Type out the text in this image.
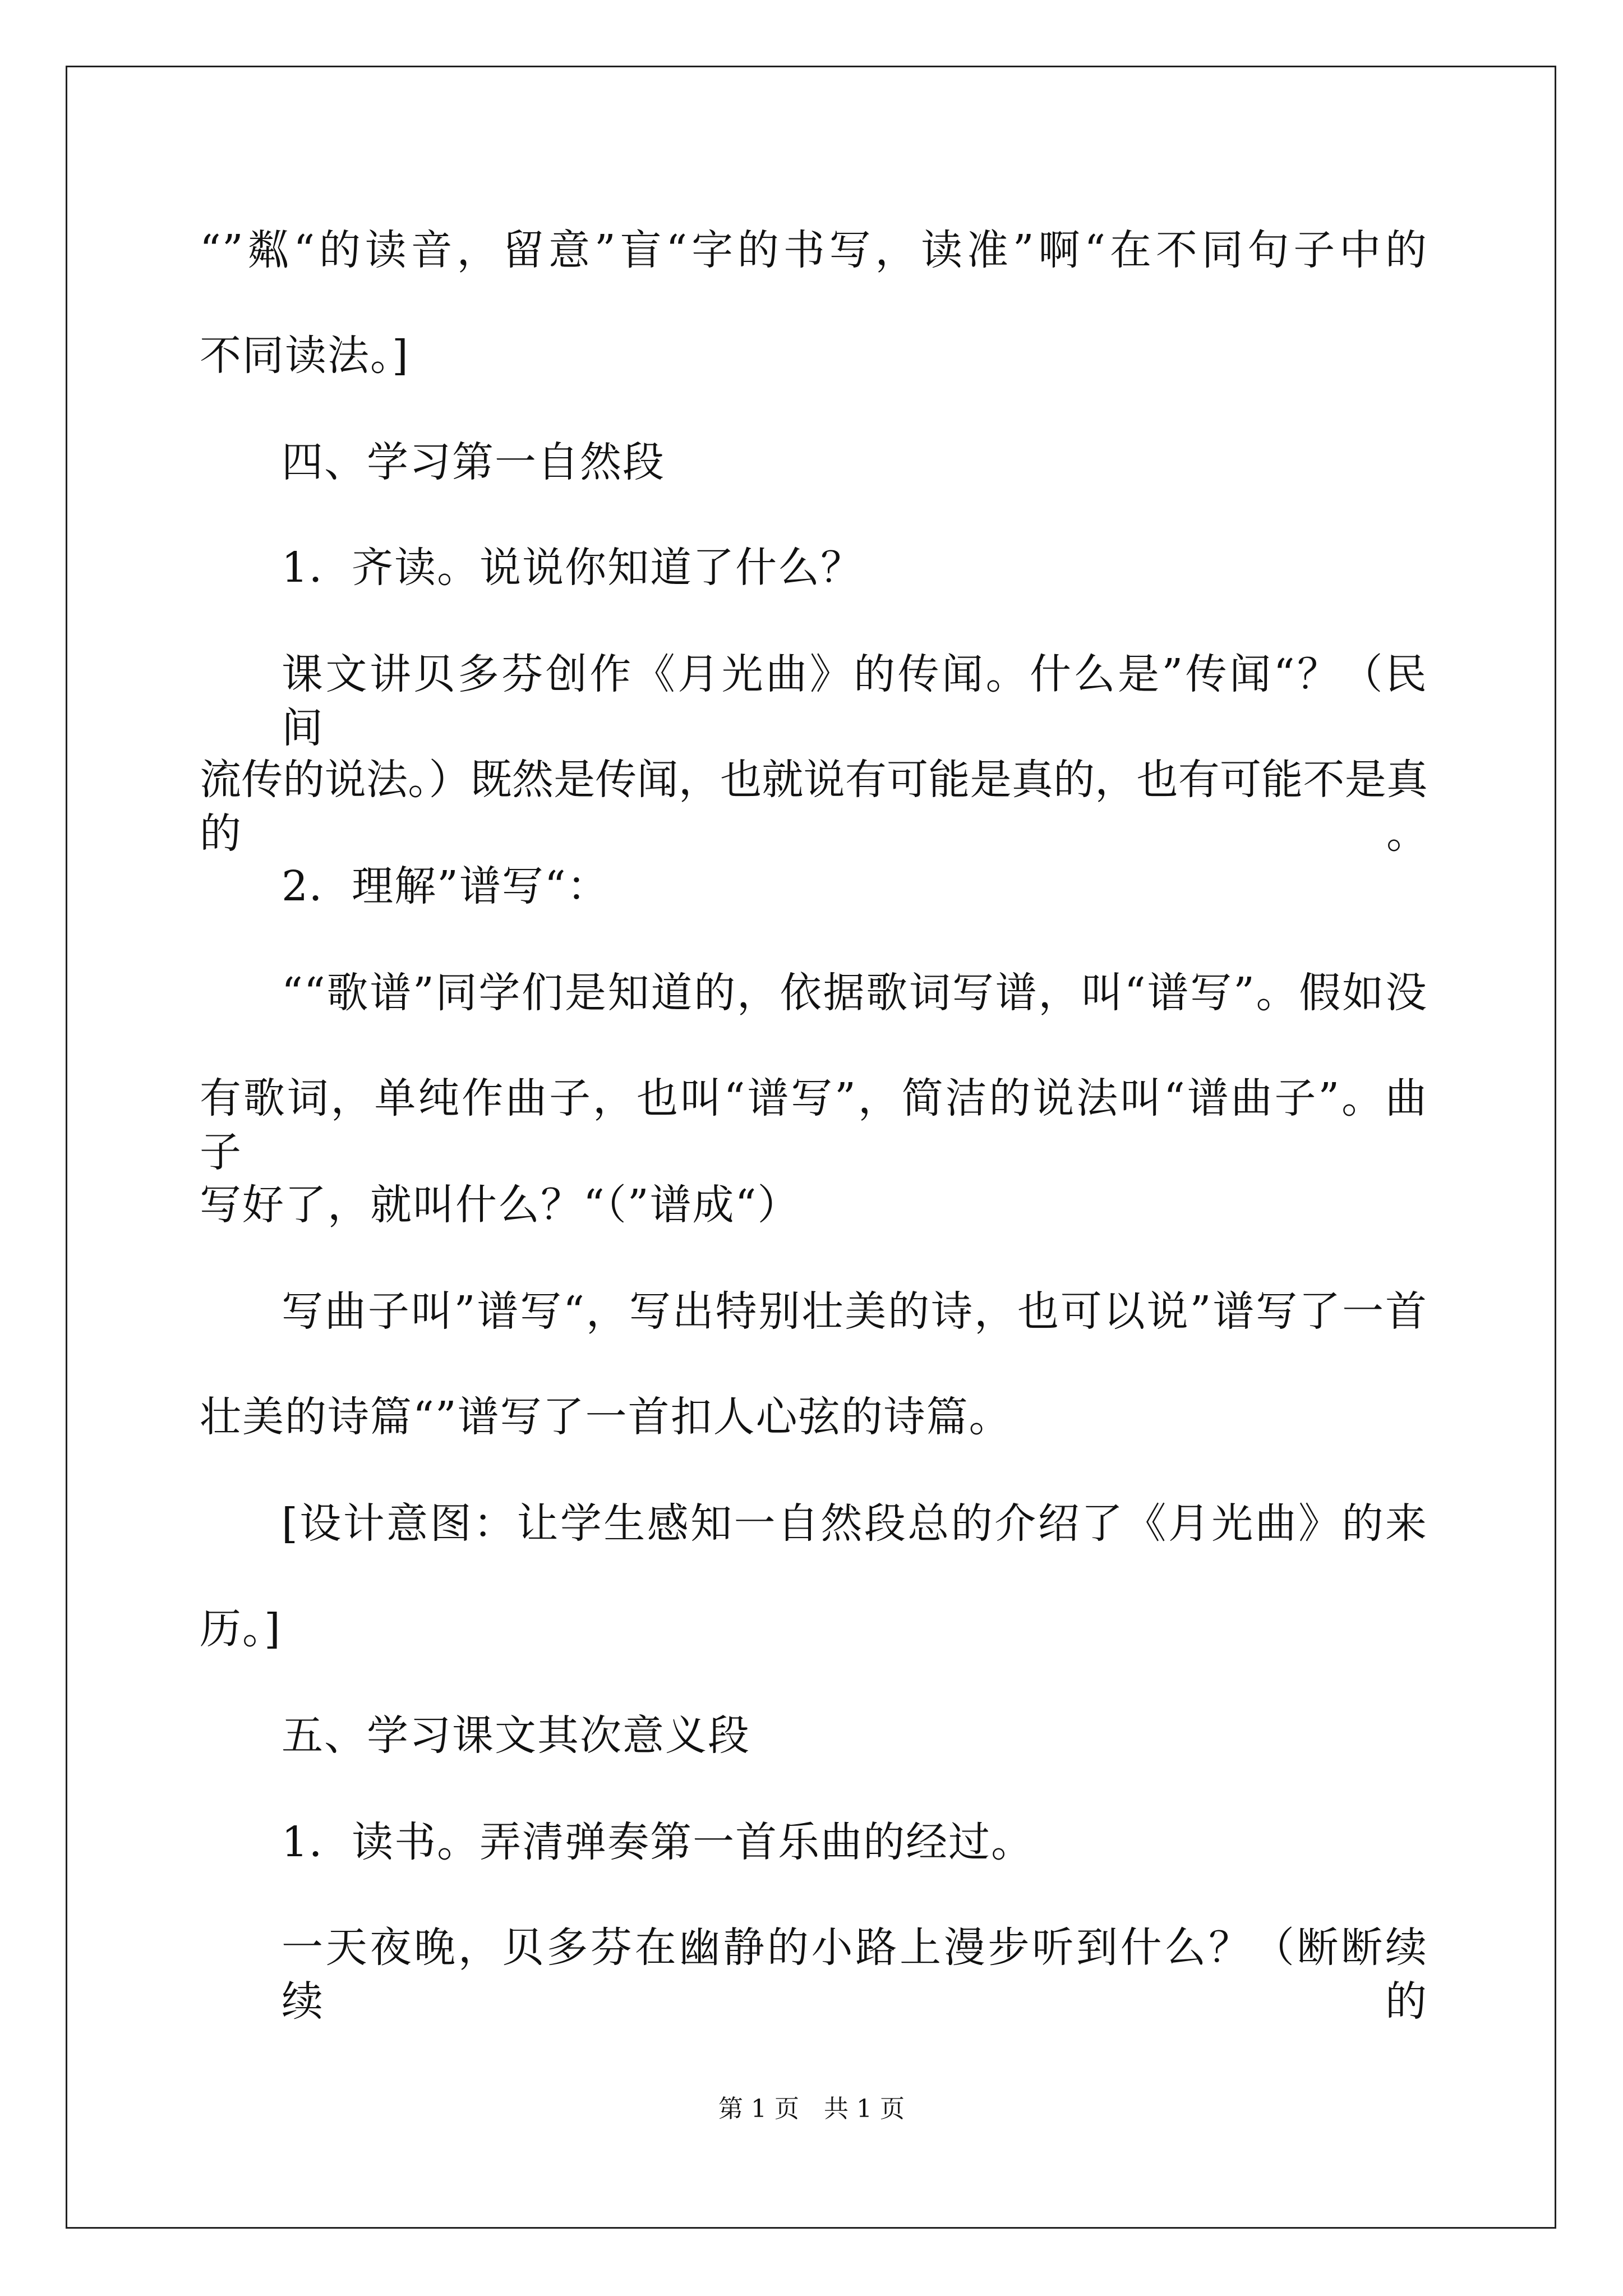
“”粼“的读音，留意”盲“字的书写，读准”啊“在不同句子中的
不同读法。]
四、学习第一自然段
1．齐读。说说你知道了什么？
课文讲贝多芬创作《月光曲》的传闻。什么是”传闻“？（民间
流传的说法。）既然是传闻，也就说有可能是真的，也有可能不是真的。
2．理解”谱写“：
““歌谱”同学们是知道的，依据歌词写谱，叫“谱写”。假如没
有歌词，单纯作曲子，也叫“谱写”，简洁的说法叫“谱曲子”。曲子
写好了，就叫什么？“（”谱成“）
写曲子叫”谱写“，写出特别壮美的诗，也可以说”谱写了一首
壮美的诗篇“”谱写了一首扣人心弦的诗篇。
[设计意图：让学生感知一自然段总的介绍了《月光曲》的来
历。]
五、学习课文其次意义段
1．读书。弄清弹奏第一首乐曲的经过。
一天夜晚，贝多芬在幽静的小路上漫步听到什么？（断断续续的
第 1 页　共 1 页
